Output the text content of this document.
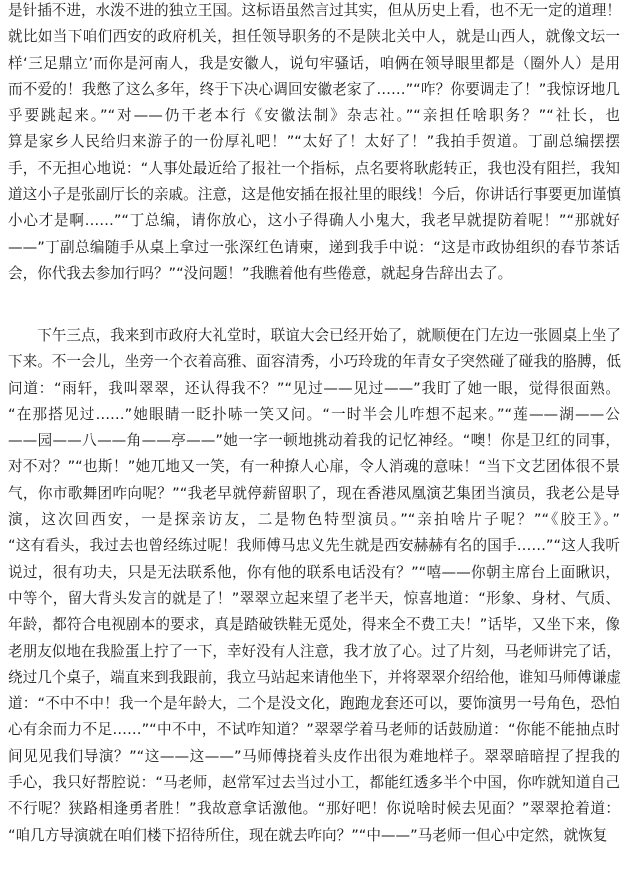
是针插不进，水泼不进的独立王国。这标语虽然言过其实，但从历史上看，也不无一定的道理！
就比如当下咱们西安的政府机关，担任领导职务的不是陕北关中人，就是山西人，就像文坛一
样‘三足鼎立’而你是河南人，我是安徽人，说句牢骚话，咱俩在领导眼里都是（圈外人）是用
而不爱的！我憋了这么多年，终于下决心调回安徽老家了……”“咋？你要调走了！”我惊讶地几
乎要跳起来。”“对——仍干老本行《安徽法制》杂志社。”“亲担任啥职务？”“社长，也
算是家乡人民给归来游子的一份厚礼吧！”“太好了！太好了！”我拍手贺道。丁副总编摆摆
手，不无担心地说：“人事处最近给了报社一个指标，点名要将耿彪转正，我也没有阻拦，我知
道这小子是张副厅长的亲戚。注意，这是他安插在报社里的眼线！今后，你讲话行事要更加谨慎
小心才是啊……”“丁总编，请你放心，这小子得确人小鬼大，我老早就提防着呢！”“那就好
——”丁副总编随手从桌上拿过一张深红色请柬，递到我手中说：“这是市政协组织的春节茶话
会，你代我去参加行吗？”“没问题！”我瞧着他有些倦意，就起身告辞出去了。
　　下午三点，我来到市政府大礼堂时，联谊大会已经开始了，就顺便在门左边一张圆桌上坐了
下来。不一会儿，坐旁一个衣着高雅、面容清秀，小巧玲珑的年青女子突然碰了碰我的胳膊，低
问道：“雨轩，我叫翠翠，还认得我不？”“见过——见过——”我盯了她一眼，觉得很面熟。
“在那搭见过……”她眼睛一眨扑哧一笑又问。“一时半会儿咋想不起来。”“莲——湖——公
——园——八——角——亭——”她一字一顿地挑动着我的记忆神经。“噢！你是卫红的同事，
对不对？”“也斯！”她兀地又一笑，有一种撩人心扉，令人消魂的意味！“当下文艺团体很不景
气，你市歌舞团咋向呢？”“我老早就停薪留职了，现在香港凤凰演艺集团当演员，我老公是导
演，这次回西安，一是探亲访友，二是物色特型演员。”“亲拍啥片子呢？”“《胶王》。”
“这有看头，我过去也曾经练过呢！我师傅马忠义先生就是西安赫赫有名的国手……”“这人我听
说过，很有功夫，只是无法联系他，你有他的联系电话没有？”“嘻——你朝主席台上面瞅识，
中等个，留大背头发言的就是了！”翠翠立起来望了老半天，惊喜地道：“形象、身材、气质、
年龄，都符合电视剧本的要求，真是踏破铁鞋无觅处，得来全不费工夫！”话毕，又坐下来，像
老朋友似地在我脸蛋上拧了一下，幸好没有人注意，我才放了心。过了片刻，马老师讲完了话，
绕过几个桌子，端直来到我跟前，我立马站起来请他坐下，并将翠翠介绍给他，谁知马师傅谦虚
道：“不中不中！我一个是年龄大，二个是没文化，跑跑龙套还可以，要饰演男一号角色，恐怕
心有余而力不足……”“中不中，不试咋知道？”翠翠学着马老师的话鼓励道：“你能不能抽点时
间见见我们导演？”“这——这——”马师傅挠着头皮作出很为难地样子。翠翠暗暗捏了捏我的
手心，我只好帮腔说：“马老师，赵常军过去当过小工，都能红透多半个中国，你咋就知道自己
不行呢？狭路相逢勇者胜！”我故意拿话激他。“那好吧！你说啥时候去见面？”翠翠抢着道：
“咱几方导演就在咱们楼下招待所住，现在就去咋向？”“中——”马老师一但心中定然，就恢复
